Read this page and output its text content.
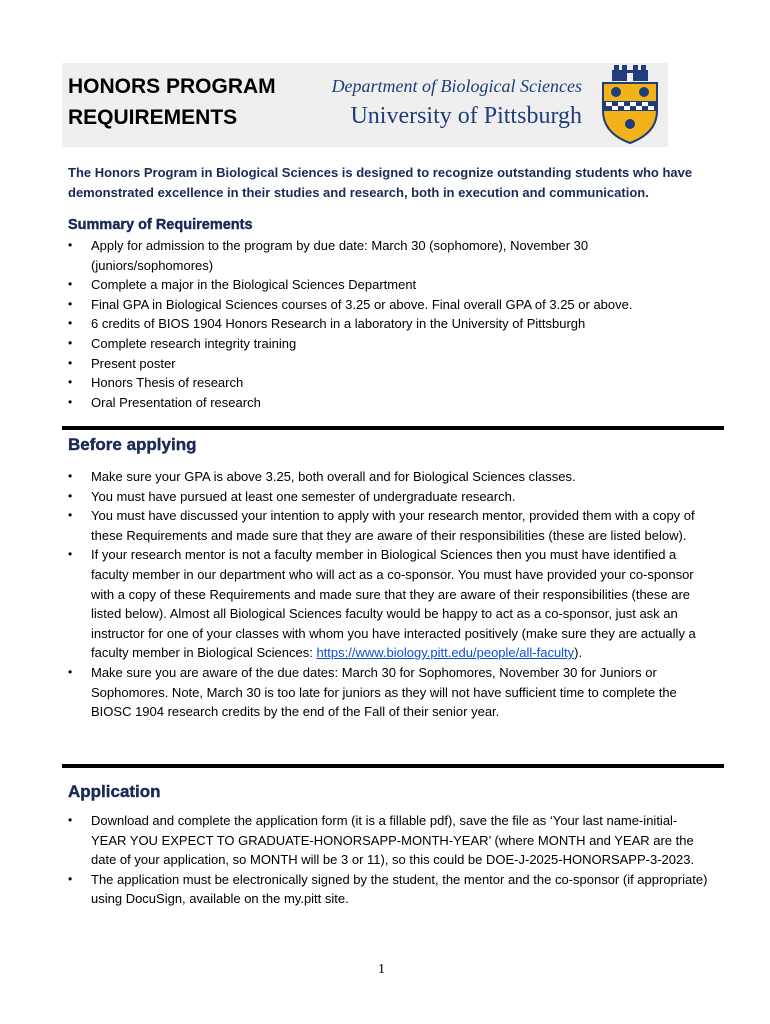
HONORS PROGRAM
REQUIREMENTS
Department of Biological Sciences
University of Pittsburgh
The Honors Program in Biological Sciences is designed to recognize outstanding students who have demonstrated excellence in their studies and research, both in execution and communication.
Summary of Requirements
• Apply for admission to the program by due date: March 30 (sophomore), November 30 (juniors/sophomores)
• Complete a major in the Biological Sciences Department
• Final GPA in Biological Sciences courses of 3.25 or above. Final overall GPA of 3.25 or above.
• 6 credits of BIOS 1904 Honors Research in a laboratory in the University of Pittsburgh
• Complete research integrity training
• Present poster
• Honors Thesis of research
• Oral Presentation of research
Before applying
• Make sure your GPA is above 3.25, both overall and for Biological Sciences classes.
• You must have pursued at least one semester of undergraduate research.
• You must have discussed your intention to apply with your research mentor, provided them with a copy of these Requirements and made sure that they are aware of their responsibilities (these are listed below).
• If your research mentor is not a faculty member in Biological Sciences then you must have identified a faculty member in our department who will act as a co-sponsor. You must have provided your co-sponsor with a copy of these Requirements and made sure that they are aware of their responsibilities (these are listed below). Almost all Biological Sciences faculty would be happy to act as a co-sponsor, just ask an instructor for one of your classes with whom you have interacted positively (make sure they are actually a faculty member in Biological Sciences: https://www.biology.pitt.edu/people/all-faculty).
• Make sure you are aware of the due dates: March 30 for Sophomores, November 30 for Juniors or Sophomores. Note, March 30 is too late for juniors as they will not have sufficient time to complete the BIOSC 1904 research credits by the end of the Fall of their senior year.
Application
• Download and complete the application form (it is a fillable pdf), save the file as ‘Your last name-initial-YEAR YOU EXPECT TO GRADUATE-HONORSAPP-MONTH-YEAR’ (where MONTH and YEAR are the date of your application, so MONTH will be 3 or 11), so this could be DOE-J-2025-HONORSAPP-3-2023.
• The application must be electronically signed by the student, the mentor and the co-sponsor (if appropriate) using DocuSign, available on the my.pitt site.
1
